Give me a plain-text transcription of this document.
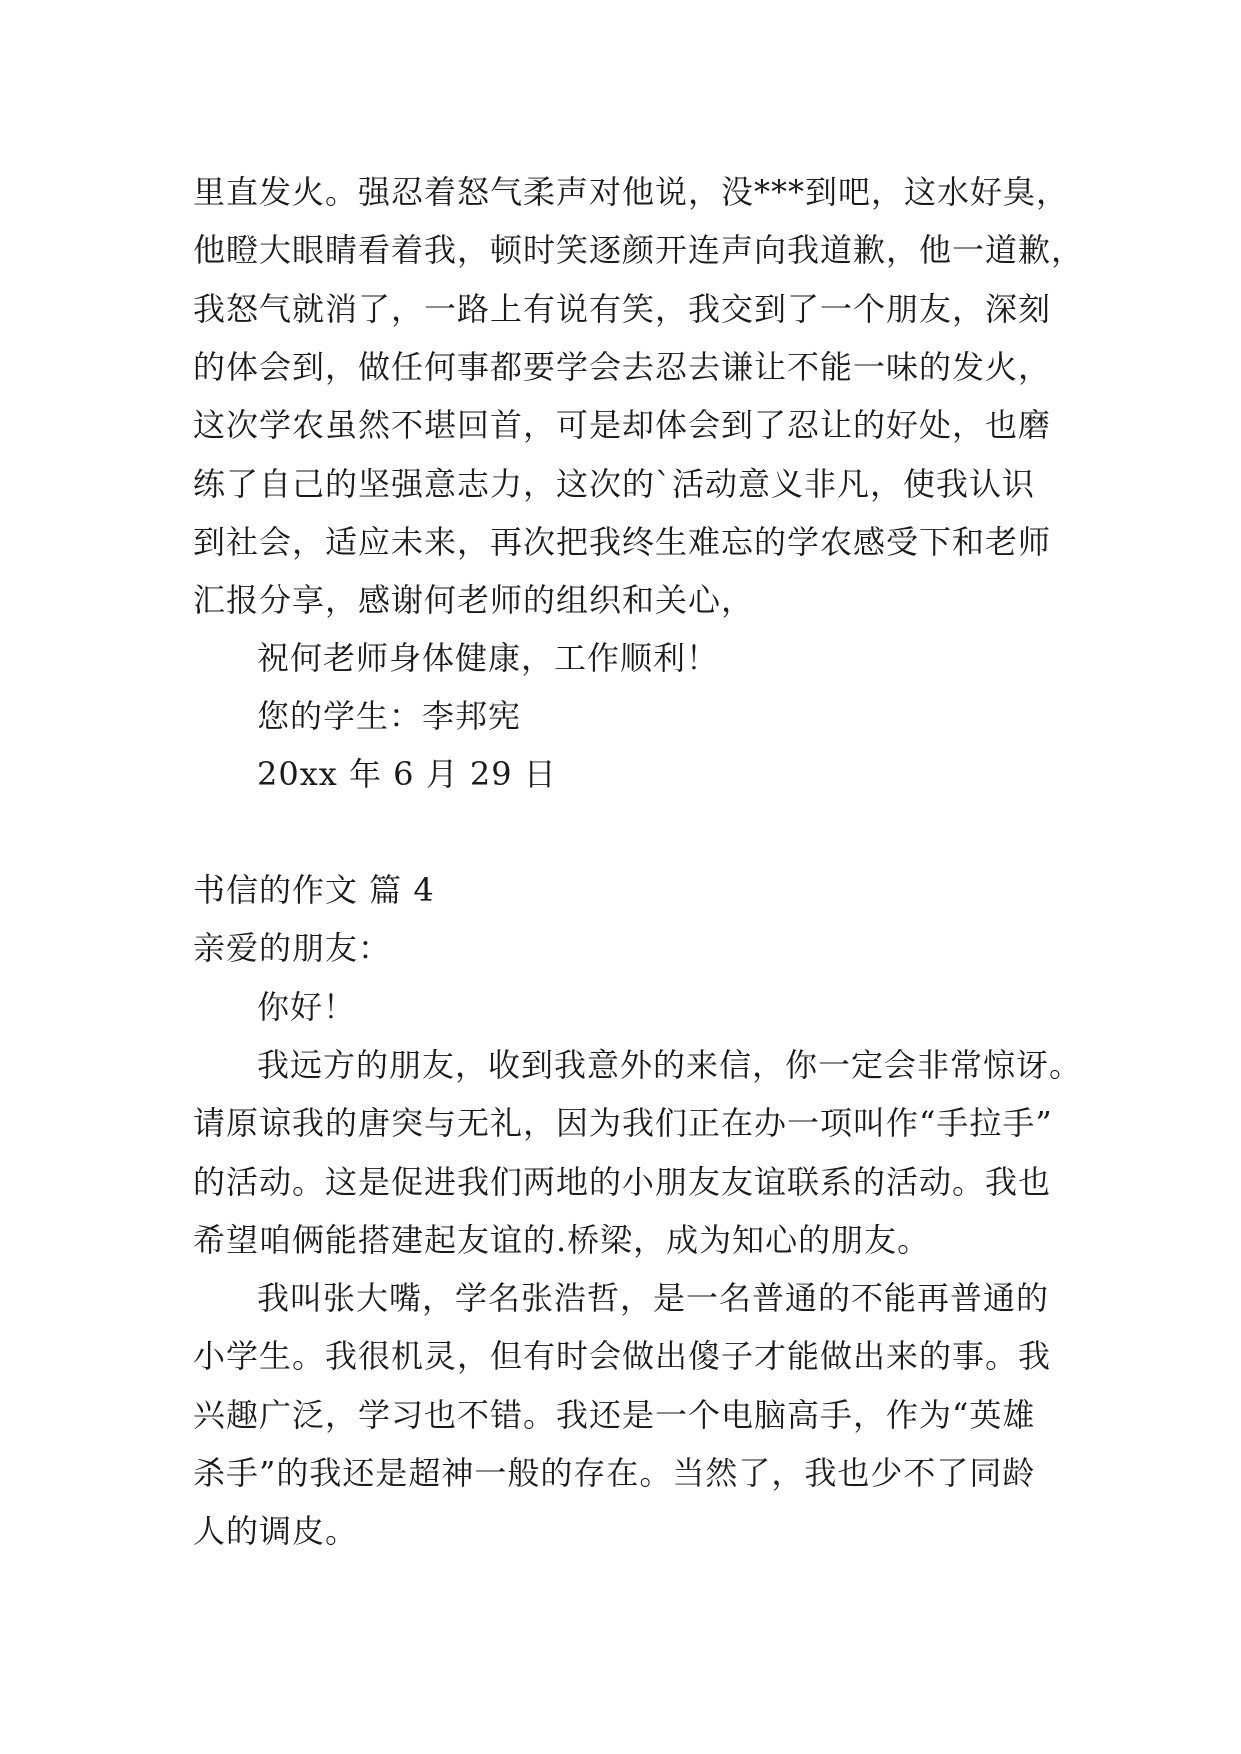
里直发火。强忍着怒气柔声对他说，没***到吧，这水好臭，
他瞪大眼睛看着我，顿时笑逐颜开连声向我道歉，他一道歉，
我怒气就消了，一路上有说有笑，我交到了一个朋友，深刻
的体会到，做任何事都要学会去忍去谦让不能一味的发火，
这次学农虽然不堪回首，可是却体会到了忍让的好处，也磨
练了自己的坚强意志力，这次的`活动意义非凡，使我认识
到社会，适应未来，再次把我终生难忘的学农感受下和老师
汇报分享，感谢何老师的组织和关心，
祝何老师身体健康，工作顺利！
您的学生：李邦宪
20xx 年 6 月 29 日
书信的作文 篇 4
亲爱的朋友：
你好！
我远方的朋友，收到我意外的来信，你一定会非常惊讶。
请原谅我的唐突与无礼，因为我们正在办一项叫作“手拉手”
的活动。这是促进我们两地的小朋友友谊联系的活动。我也
希望咱俩能搭建起友谊的.桥梁，成为知心的朋友。
我叫张大嘴，学名张浩哲，是一名普通的不能再普通的
小学生。我很机灵，但有时会做出傻子才能做出来的事。我
兴趣广泛，学习也不错。我还是一个电脑高手，作为“英雄
杀手”的我还是超神一般的存在。当然了，我也少不了同龄
人的调皮。
